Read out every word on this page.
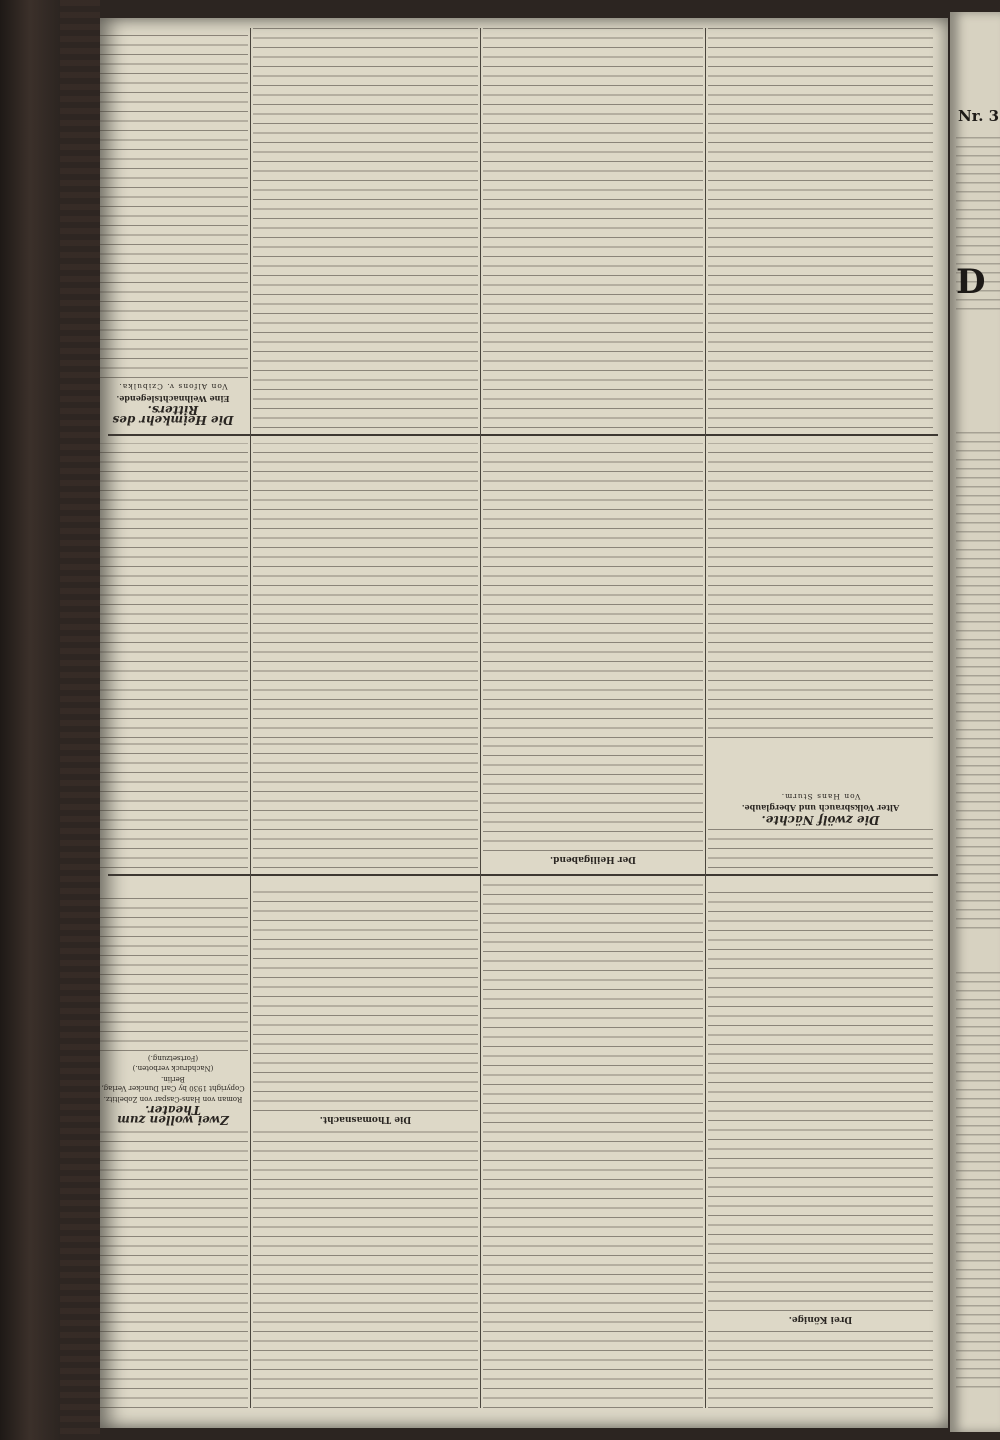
Die Heimkehr des Ritters.
Eine Weihnachtslegende.
Von Alfons v. Czibulka.
Die zwölf Nächte.
Alter Volksbrauch und Aberglaube.
Von Hans Sturm.
Der Heiligabend.
Drei Könige.
Die Thomasnacht.
Zwei wollen zum Theater.
Roman von Hans-Caspar von Zobeltitz.
Copyright 1930 by Carl Duncker Verlag, Berlin.
(Nachdruck verboten.)
(Fortsetzung.)
Nr. 3
D
